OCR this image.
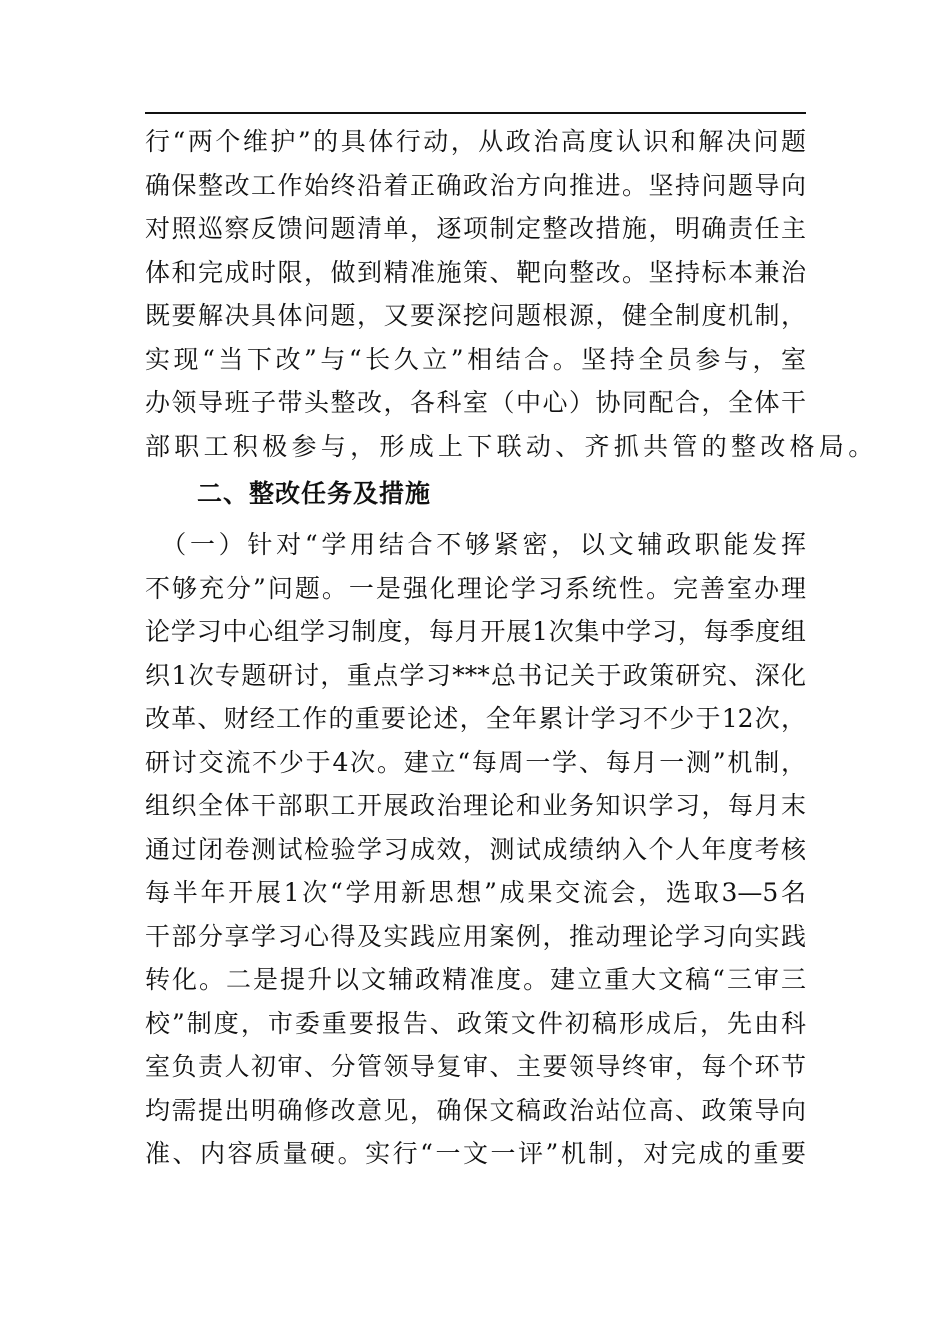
行“两个维护”的具体行动，从政治高度认识和解决问题
确保整改工作始终沿着正确政治方向推进。坚持问题导向
对照巡察反馈问题清单，逐项制定整改措施，明确责任主
体和完成时限，做到精准施策、靶向整改。坚持标本兼治
既要解决具体问题，又要深挖问题根源，健全制度机制，
实现“当下改”与“长久立”相结合。坚持全员参与，室
办领导班子带头整改，各科室（中心）协同配合，全体干
部职工积极参与，形成上下联动、齐抓共管的整改格局。
二、整改任务及措施
　（一）针对“学用结合不够紧密，以文辅政职能发挥
不够充分”问题。一是强化理论学习系统性。完善室办理
论学习中心组学习制度，每月开展1次集中学习，每季度组
织1次专题研讨，重点学习***总书记关于政策研究、深化
改革、财经工作的重要论述，全年累计学习不少于12次，
研讨交流不少于4次。建立“每周一学、每月一测”机制，
组织全体干部职工开展政治理论和业务知识学习，每月末
通过闭卷测试检验学习成效，测试成绩纳入个人年度考核
每半年开展1次“学用新思想”成果交流会，选取3—5名
干部分享学习心得及实践应用案例，推动理论学习向实践
转化。二是提升以文辅政精准度。建立重大文稿“三审三
校”制度，市委重要报告、政策文件初稿形成后，先由科
室负责人初审、分管领导复审、主要领导终审，每个环节
均需提出明确修改意见，确保文稿政治站位高、政策导向
准、内容质量硬。实行“一文一评”机制，对完成的重要
